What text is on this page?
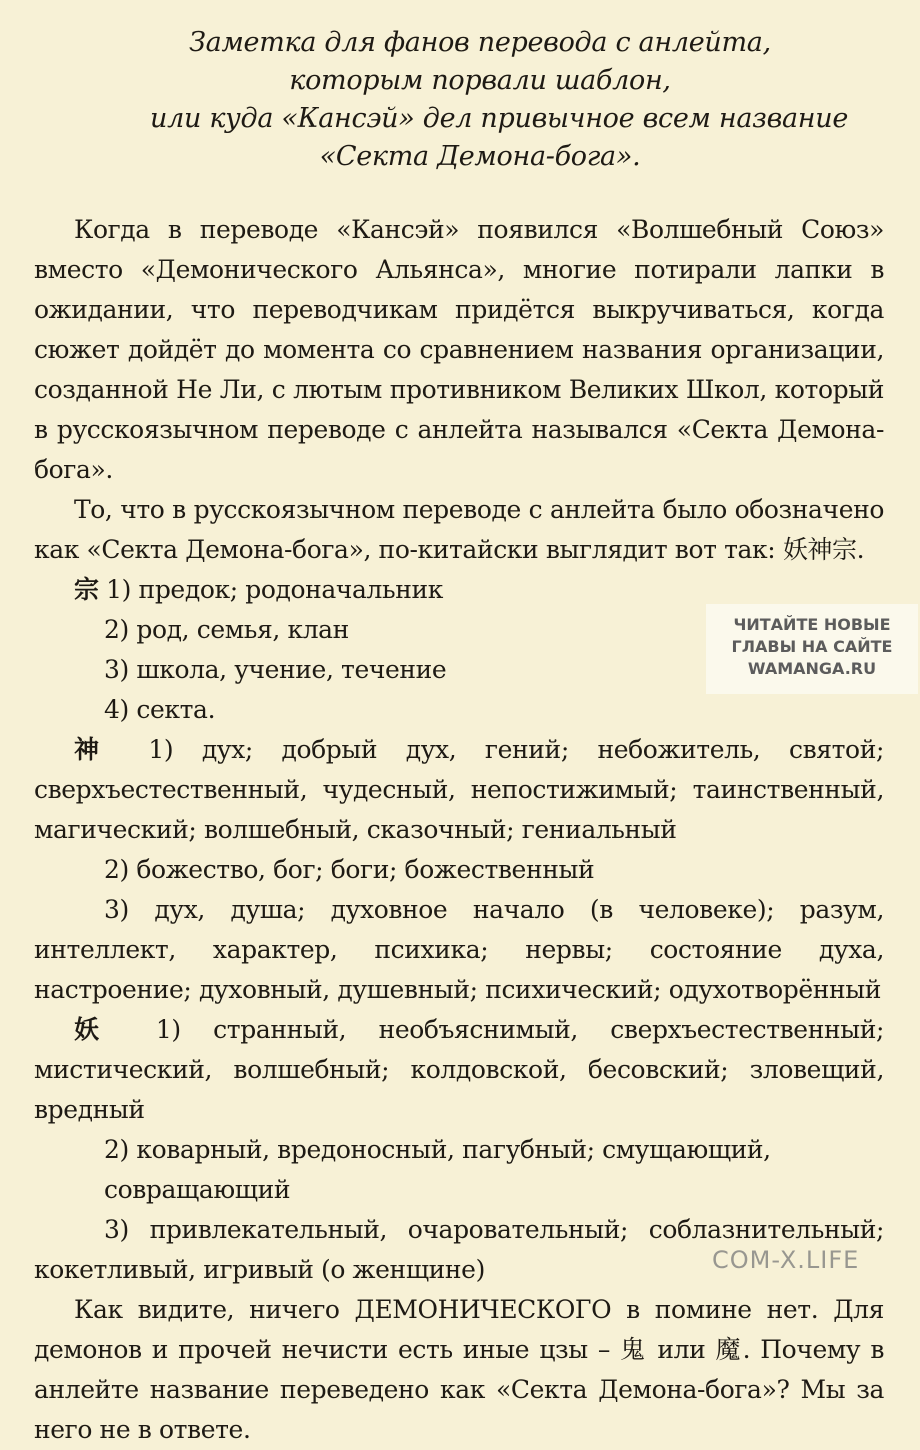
Заметка для фанов перевода с анлейта,
которым порвали шаблон,
или куда «Кансэй» дел привычное всем название
«Секта Демона-бога».

Когда в переводе «Кансэй» появился «Волшебный Союз» вместо «Демонического Альянса», многие потирали лапки в ожидании, что переводчикам придётся выкручиваться, когда сюжет дойдёт до момента со сравнением названия организации, созданной Не Ли, с лютым противником Великих Школ, который в русскоязычном переводе с анлейта назывался «Секта Демона-бога».

То, что в русскоязычном переводе с анлейта было обозначено как «Секта Демона-бога», по-китайски выглядит вот так: 妖神宗.

宗 1) предок; родоначальник

2) род, семья, клан

3) школа, учение, течение

4) секта.

神 1) дух; добрый дух, гений; небожитель, святой; сверхъестественный, чудесный, непостижимый; таинственный, магический; волшебный, сказочный; гениальный

2) божество, бог; боги; божественный

3) дух, душа; духовное начало (в человеке); разум, интеллект, характер, психика; нервы; состояние духа, настроение; духовный, душевный; психический; одухотворённый

妖 1) странный, необъяснимый, сверхъестественный; мистический, волшебный; колдовской, бесовский; зловещий, вредный

2) коварный, вредоносный, пагубный; смущающий, совращающий

3) привлекательный, очаровательный; соблазнительный; кокетливый, игривый (о женщине)

Как видите, ничего ДЕМОНИЧЕСКОГО в помине нет. Для демонов и прочей нечисти есть иные цзы – 鬼 или 魔. Почему в анлейте название переведено как «Секта Демона-бога»? Мы за него не в ответе.

ЧИТАЙТЕ НОВЫЕ
ГЛАВЫ НА САЙТЕ
WAMANGA.RU
COM-X.LIFE
